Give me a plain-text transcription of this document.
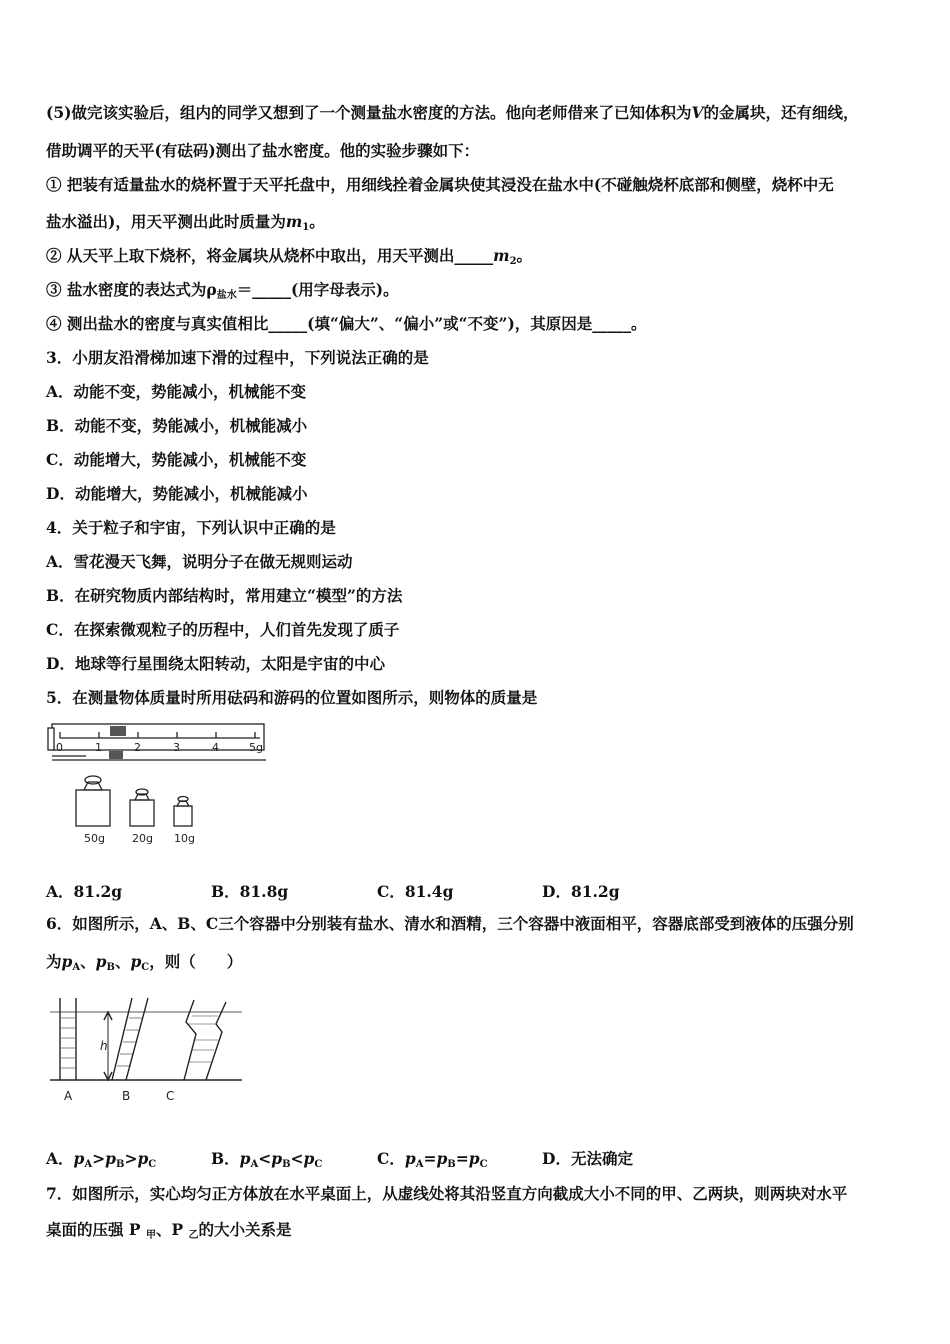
(5)做完该实验后，组内的同学又想到了一个测量盐水密度的方法。他向老师借来了已知体积为V的金属块，还有细线，
借助调平的天平(有砝码)测出了盐水密度。他的实验步骤如下：
① 把装有适量盐水的烧杯置于天平托盘中，用细线拴着金属块使其浸没在盐水中(不碰触烧杯底部和侧壁，烧杯中无
盐水溢出)，用天平测出此时质量为$m_1$。
② 从天平上取下烧杯，将金属块从烧杯中取出，用天平测出$\_\_\_\_\_m_2$。
③ 盐水密度的表达式为$\rho_{盐水}=\_\_\_\_\_$(用字母表示)。
④ 测出盐水的密度与真实值相比_____(填“偏大”、“偏小”或“不变”)，其原因是_____。
3．小朋友沿滑梯加速下滑的过程中，下列说法正确的是
A．动能不变，势能减小，机械能不变
B．动能不变，势能减小，机械能减小
C．动能增大，势能减小，机械能不变
D．动能增大，势能减小，机械能减小
4．关于粒子和宇宙，下列认识中正确的是
A．雪花漫天飞舞，说明分子在做无规则运动
B．在研究物质内部结构时，常用建立“模型”的方法
C．在探索微观粒子的历程中，人们首先发现了质子
D．地球等行星围绕太阳转动，太阳是宇宙的中心
5．在测量物体质量时所用砝码和游码的位置如图所示，则物体的质量是
0	1	2	3	4	5g
50g 20g 10g
A．81.2g	B．81.8g	C．81.4g	D．81.2g
6．如图所示，A、B、C三个容器中分别装有盐水、清水和酒精，三个容器中液面相平，容器底部受到液体的压强分别
为$p_A$、$p_B$、$p_C$，则（　　）
h
A	B	C
A．$p_A>p_B>p_C$	B．$p_A<p_B<p_C$	C．$p_A=p_B=p_C$	D．无法确定
7．如图所示，实心均匀正方体放在水平桌面上，从虚线处将其沿竖直方向截成大小不同的甲、乙两块，则两块对水平
桌面的压强 P $_甲$、P $_乙$的大小关系是
